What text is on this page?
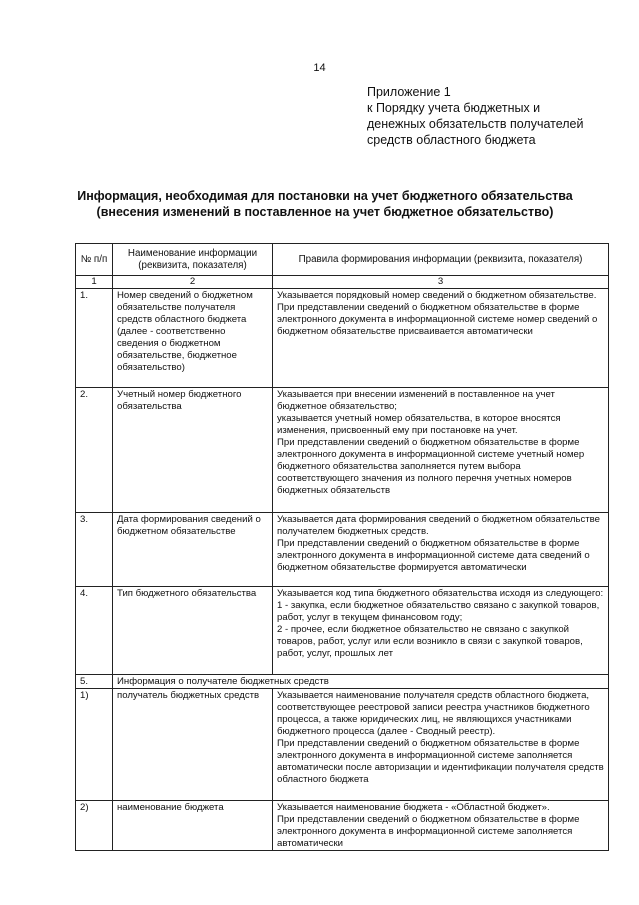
14
Приложение 1
к Порядку учета бюджетных и
денежных обязательств получателей
средств областного бюджета
Информация, необходимая для постановки на учет бюджетного обязательства
(внесения изменений в поставленное на учет бюджетное обязательство)
№ п/п	Наименование информации (реквизита, показателя)	Правила формирования информации (реквизита, показателя)
1	2	3
1.	Номер сведений о бюджетном обязательстве получателя средств областного бюджета (далее - соответственно сведения о бюджетном обязательстве, бюджетное обязательство)	Указывается порядковый номер сведений о бюджетном обязательстве.
При представлении сведений о бюджетном обязательстве в форме электронного документа в информационной системе номер сведений о бюджетном обязательстве присваивается автоматически

2.	Учетный номер бюджетного обязательства	Указывается при внесении изменений в поставленное на учет бюджетное обязательство;
указывается учетный номер обязательства, в которое вносятся изменения, присвоенный ему при постановке на учет.
При представлении сведений о бюджетном обязательстве в форме электронного документа в информационной системе учетный номер бюджетного обязательства заполняется путем выбора соответствующего значения из полного перечня учетных номеров бюджетных обязательств

3.	Дата формирования сведений о бюджетном обязательстве	Указывается дата формирования сведений о бюджетном обязательстве получателем бюджетных средств.
При представлении сведений о бюджетном обязательстве в форме электронного документа в информационной системе дата сведений о бюджетном обязательстве формируется автоматически

4.	Тип бюджетного обязательства	Указывается код типа бюджетного обязательства исходя из следующего:
1 - закупка, если бюджетное обязательство связано с закупкой товаров, работ, услуг в текущем финансовом году;
2 - прочее, если бюджетное обязательство не связано с закупкой товаров, работ, услуг или если возникло в связи с закупкой товаров, работ, услуг, прошлых лет

5.	Информация о получателе бюджетных средств	
1)	получатель бюджетных средств	Указывается наименование получателя средств областного бюджета, соответствующее реестровой записи реестра участников бюджетного процесса, а также юридических лиц, не являющихся участниками бюджетного процесса (далее - Сводный реестр).
При представлении сведений о бюджетном обязательстве в форме электронного документа в информационной системе заполняется автоматически после авторизации и идентификации получателя средств областного бюджета

2)	наименование бюджета	Указывается наименование бюджета - «Областной бюджет».
При представлении сведений о бюджетном обязательстве в форме электронного документа в информационной системе заполняется автоматически
